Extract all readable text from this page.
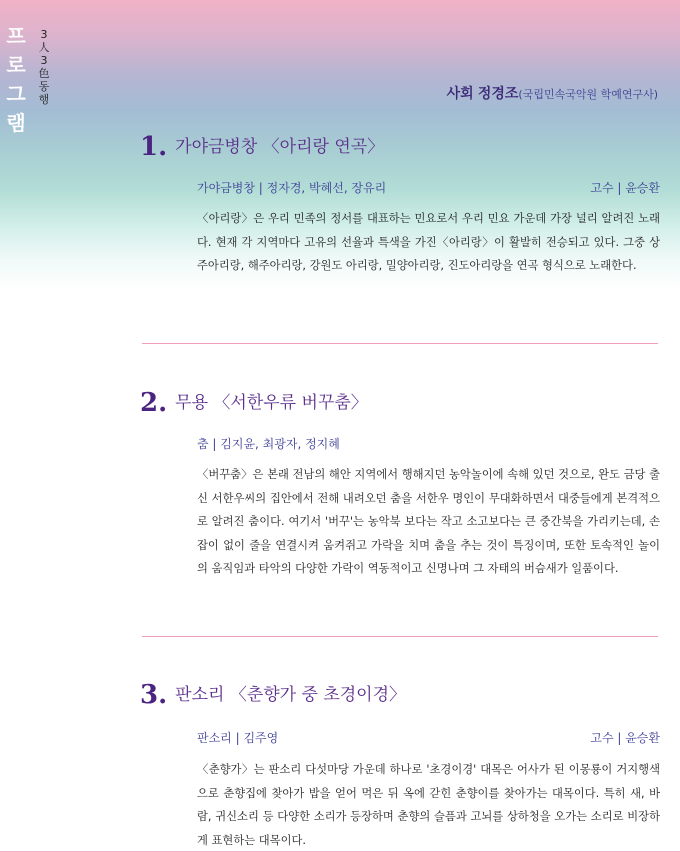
프
로
그
램
3
人
3
色
동
행	사회 정경조(국립민속국악원 학예연구사)
1. 가야금병창 〈아리랑 연곡〉
가야금병창 | 정자경, 박혜선, 장유리	고수 | 윤승환
〈아리랑〉은 우리 민족의 정서를 대표하는 민요로서 우리 민요 가운데 가장 널리 알려진 노래다. 현재 각 지역마다 고유의 선율과 특색을 가진〈아리랑〉이 활발히 전승되고 있다. 그중 상주아리랑, 해주아리랑, 강원도 아리랑, 밀양아리랑, 진도아리랑을 연곡 형식으로 노래한다.
2. 무용 〈서한우류 버꾸춤〉
춤 | 김지윤, 최광자, 정지혜
〈버꾸춤〉은 본래 전남의 해안 지역에서 행해지던 농악놀이에 속해 있던 것으로, 완도 금당 출신 서한우씨의 집안에서 전해 내려오던 춤을 서한우 명인이 무대화하면서 대중들에게 본격적으로 알려진 춤이다. 여기서 '버꾸'는 농악북 보다는 작고 소고보다는 큰 중간북을 가리키는데, 손잡이 없이 줄을 연결시켜 움켜쥐고 가락을 치며 춤을 추는 것이 특징이며, 또한 토속적인 놀이의 움직임과 타악의 다양한 가락이 역동적이고 신명나며 그 자태의 버슴새가 일품이다.
3. 판소리 〈춘향가 중 초경이경〉
판소리 | 김주영	고수 | 윤승환
〈춘향가〉는 판소리 다섯마당 가운데 하나로 '초경이경' 대목은 어사가 된 이몽룡이 거지행색으로 춘향집에 찾아가 밥을 얻어 먹은 뒤 옥에 갇힌 춘향이를 찾아가는 대목이다. 특히 새, 바람, 귀신소리 등 다양한 소리가 등장하며 춘향의 슬픔과 고뇌를 상하청을 오가는 소리로 비장하게 표현하는 대목이다.
